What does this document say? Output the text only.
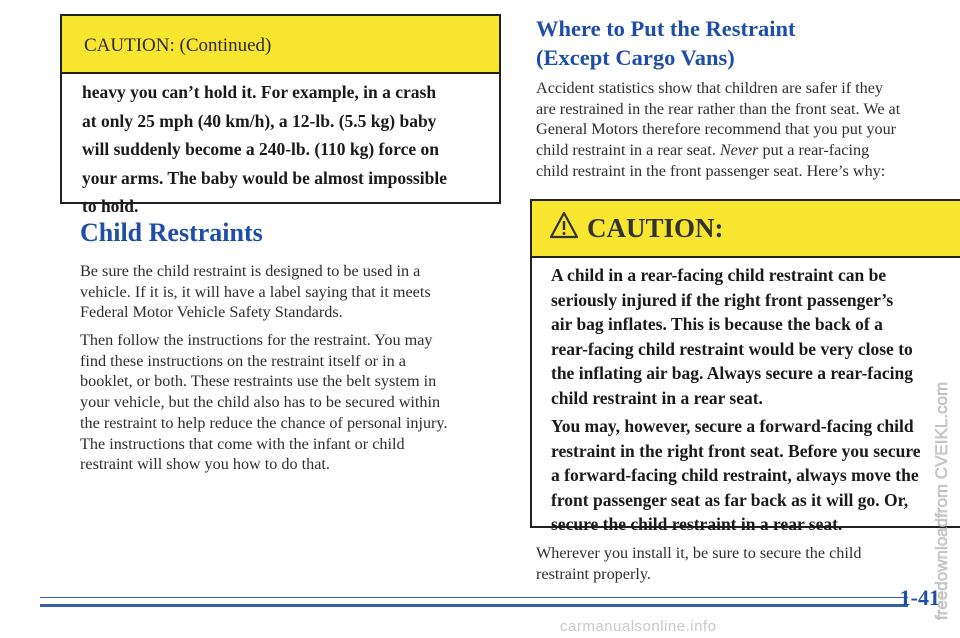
CAUTION: (Continued)

heavy you can’t hold it. For example, in a crash

at only 25 mph (40 km/h), a 12-lb. (5.5 kg) baby

will suddenly become a 240-lb. (110 kg) force on

your arms. The baby would be almost impossible

to hold.

Child Restraints

Be sure the child restraint is designed to be used in a

vehicle. If it is, it will have a label saying that it meets

Federal Motor Vehicle Safety Standards.

Then follow the instructions for the restraint. You may

find these instructions on the restraint itself or in a

booklet, or both. These restraints use the belt system in

your vehicle, but the child also has to be secured within

the restraint to help reduce the chance of personal injury.

The instructions that come with the infant or child

restraint will show you how to do that.

Where to Put the Restraint
(Except Cargo Vans)

Accident statistics show that children are safer if they

are restrained in the rear rather than the front seat. We at

General Motors therefore recommend that you put your

child restraint in a rear seat. Never put a rear-facing

child restraint in the front passenger seat. Here’s why:

CAUTION:

A child in a rear-facing child restraint can be
seriously injured if the right front passenger’s
air bag inflates. This is because the back of a
rear-facing child restraint would be very close to
the inflating air bag. Always secure a rear-facing
child restraint in a rear seat.

You may, however, secure a forward-facing child
restraint in the right front seat. Before you secure
a forward-facing child restraint, always move the
front passenger seat as far back as it will go. Or,
secure the child restraint in a rear seat.

Wherever you install it, be sure to secure the child

restraint properly.

1-41
freedownloadfrom CVEIKL.com
carmanualsonline.info
